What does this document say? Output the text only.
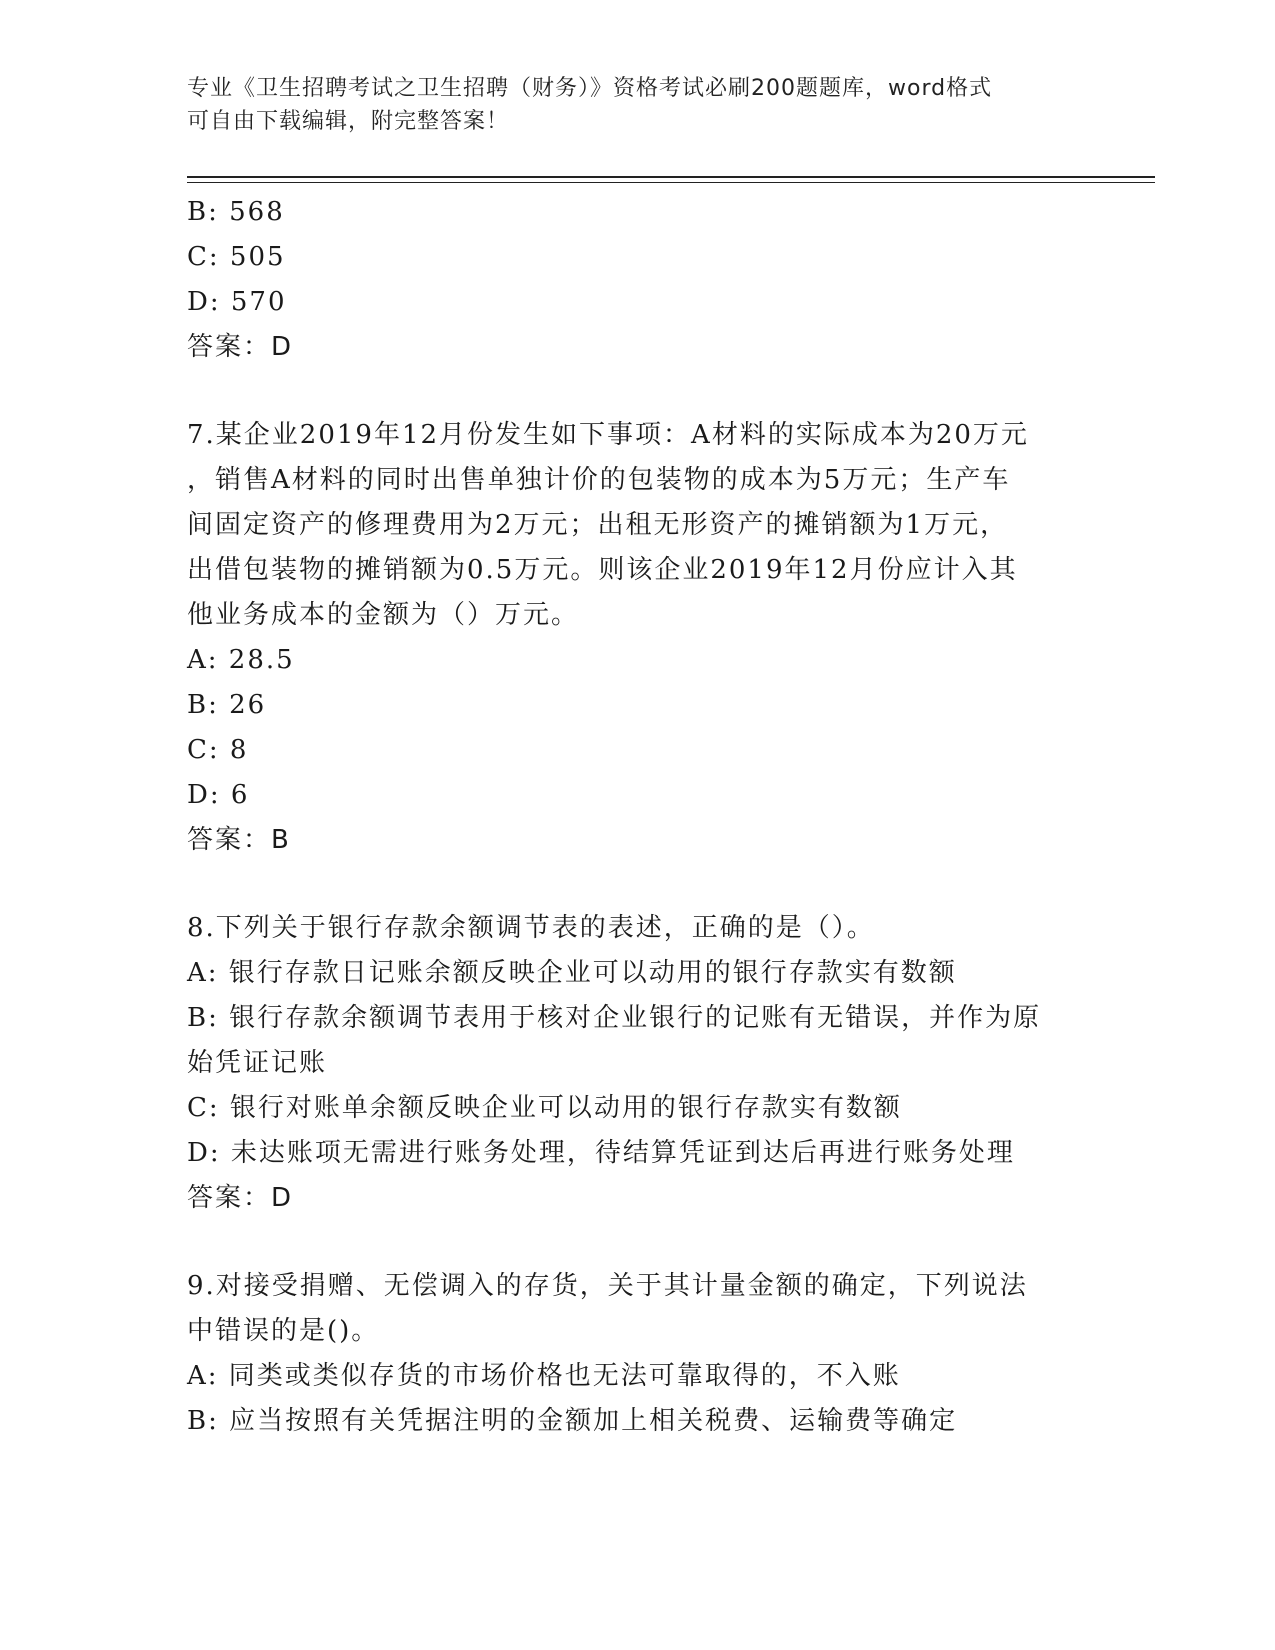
专业《卫生招聘考试之卫生招聘（财务）》资格考试必刷200题题库，word格式
可自由下载编辑，附完整答案！
B: 568
C: 505
D: 570
答案：D
7.某企业2019年12月份发生如下事项：A材料的实际成本为20万元
，销售A材料的同时出售单独计价的包装物的成本为5万元；生产车
间固定资产的修理费用为2万元；出租无形资产的摊销额为1万元，
出借包装物的摊销额为0.5万元。则该企业2019年12月份应计入其
他业务成本的金额为（）万元。
A: 28.5
B: 26
C: 8
D: 6
答案：B
8.下列关于银行存款余额调节表的表述，正确的是（）。
A: 银行存款日记账余额反映企业可以动用的银行存款实有数额
B: 银行存款余额调节表用于核对企业银行的记账有无错误，并作为原
始凭证记账
C: 银行对账单余额反映企业可以动用的银行存款实有数额
D: 未达账项无需进行账务处理，待结算凭证到达后再进行账务处理
答案：D
9.对接受捐赠、无偿调入的存货，关于其计量金额的确定，下列说法
中错误的是()。
A: 同类或类似存货的市场价格也无法可靠取得的，不入账
B: 应当按照有关凭据注明的金额加上相关税费、运输费等确定
